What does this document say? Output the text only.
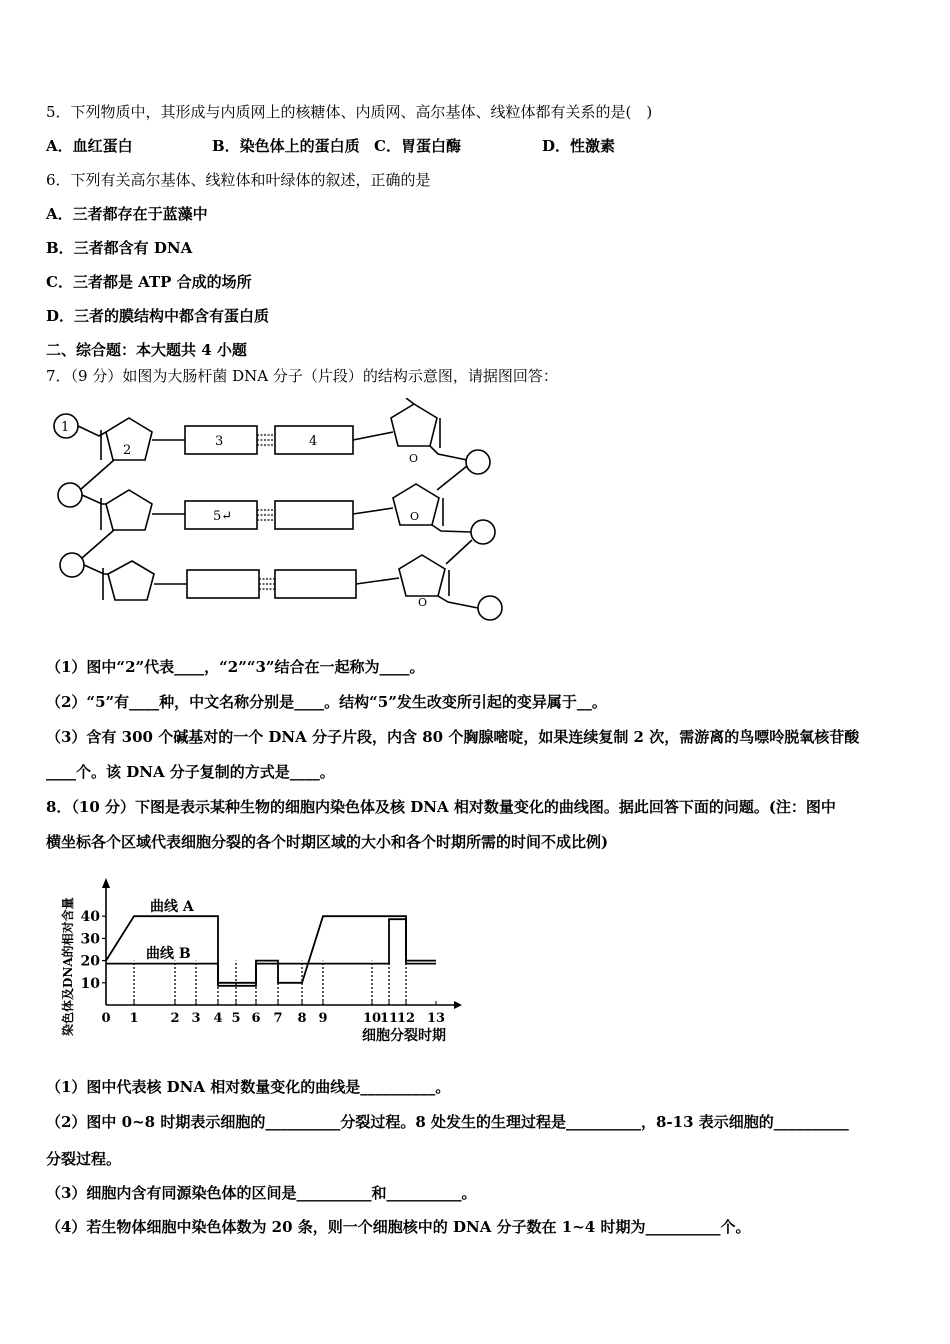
5．下列物质中，其形成与内质网上的核糖体、内质网、高尔基体、线粒体都有关系的是(　)
A．血红蛋白	B．染色体上的蛋白质 C．胃蛋白酶	D．性激素
6．下列有关高尔基体、线粒体和叶绿体的叙述，正确的是
A．三者都存在于蓝藻中
B．三者都含有 DNA
C．三者都是 ATP 合成的场所
D．三者的膜结构中都含有蛋白质
二、综合题：本大题共 4 小题
7．（9 分）如图为大肠杆菌 DNA 分子（片段）的结构示意图，请据图回答：
1
2
3	4
5↵
O
O
O
（1）图中“2”代表____，“2”“3”结合在一起称为____。
（2）“5”有____种，中文名称分别是____。结构“5”发生改变所引起的变异属于__。
（3）含有 300 个碱基对的一个 DNA 分子片段，内含 80 个胸腺嘧啶，如果连续复制 2 次，需游离的鸟嘌呤脱氧核苷酸
____个。该 DNA 分子复制的方式是____。
8．（10 分）下图是表示某种生物的细胞内染色体及核 DNA 相对数量变化的曲线图。据此回答下面的问题。(注：图中
横坐标各个区域代表细胞分裂的各个时期区域的大小和各个时期所需的时间不成比例)
10
20
30
40
0 1 2 3 4 5 6 7 8 9	10
11
12 13
曲线 A
曲线 B
染色体及DNA的相对含量	细胞分裂时期
（1）图中代表核 DNA 相对数量变化的曲线是__________。
（2）图中 0~8 时期表示细胞的__________分裂过程。8 处发生的生理过程是__________，8-13 表示细胞的__________
分裂过程。
（3）细胞内含有同源染色体的区间是__________和__________。
（4）若生物体细胞中染色体数为 20 条，则一个细胞核中的 DNA 分子数在 1~4 时期为__________个。
